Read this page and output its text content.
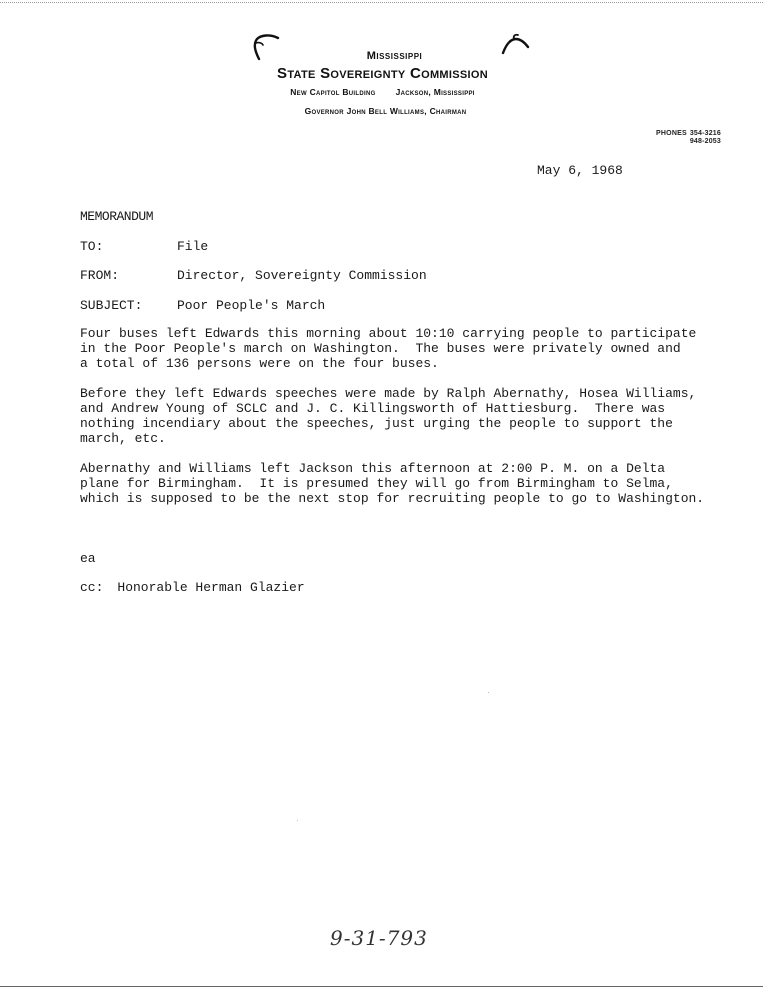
Mississippi
State Sovereignty Commission
New Capitol Building Jackson, Mississippi
Governor John Bell Williams, Chairman
PHONES 354-3216
948-2053
May 6, 1968
MEMORANDUM
TO:	File
FROM:	Director, Sovereignty Commission
SUBJECT:	Poor People's March

Four buses left Edwards this morning about 10:10 carrying people to participate
in the Poor People's march on Washington.  The buses were privately owned and
a total of 136 persons were on the four buses.

Before they left Edwards speeches were made by Ralph Abernathy, Hosea Williams,
and Andrew Young of SCLC and J. C. Killingsworth of Hattiesburg.  There was
nothing incendiary about the speeches, just urging the people to support the
march, etc.

Abernathy and Williams left Jackson this afternoon at 2:00 P. M. on a Delta
plane for Birmingham.  It is presumed they will go from Birmingham to Selma,
which is supposed to be the next stop for recruiting people to go to Washington.

ea
cc: Honorable Herman Glazier
9-31-793
